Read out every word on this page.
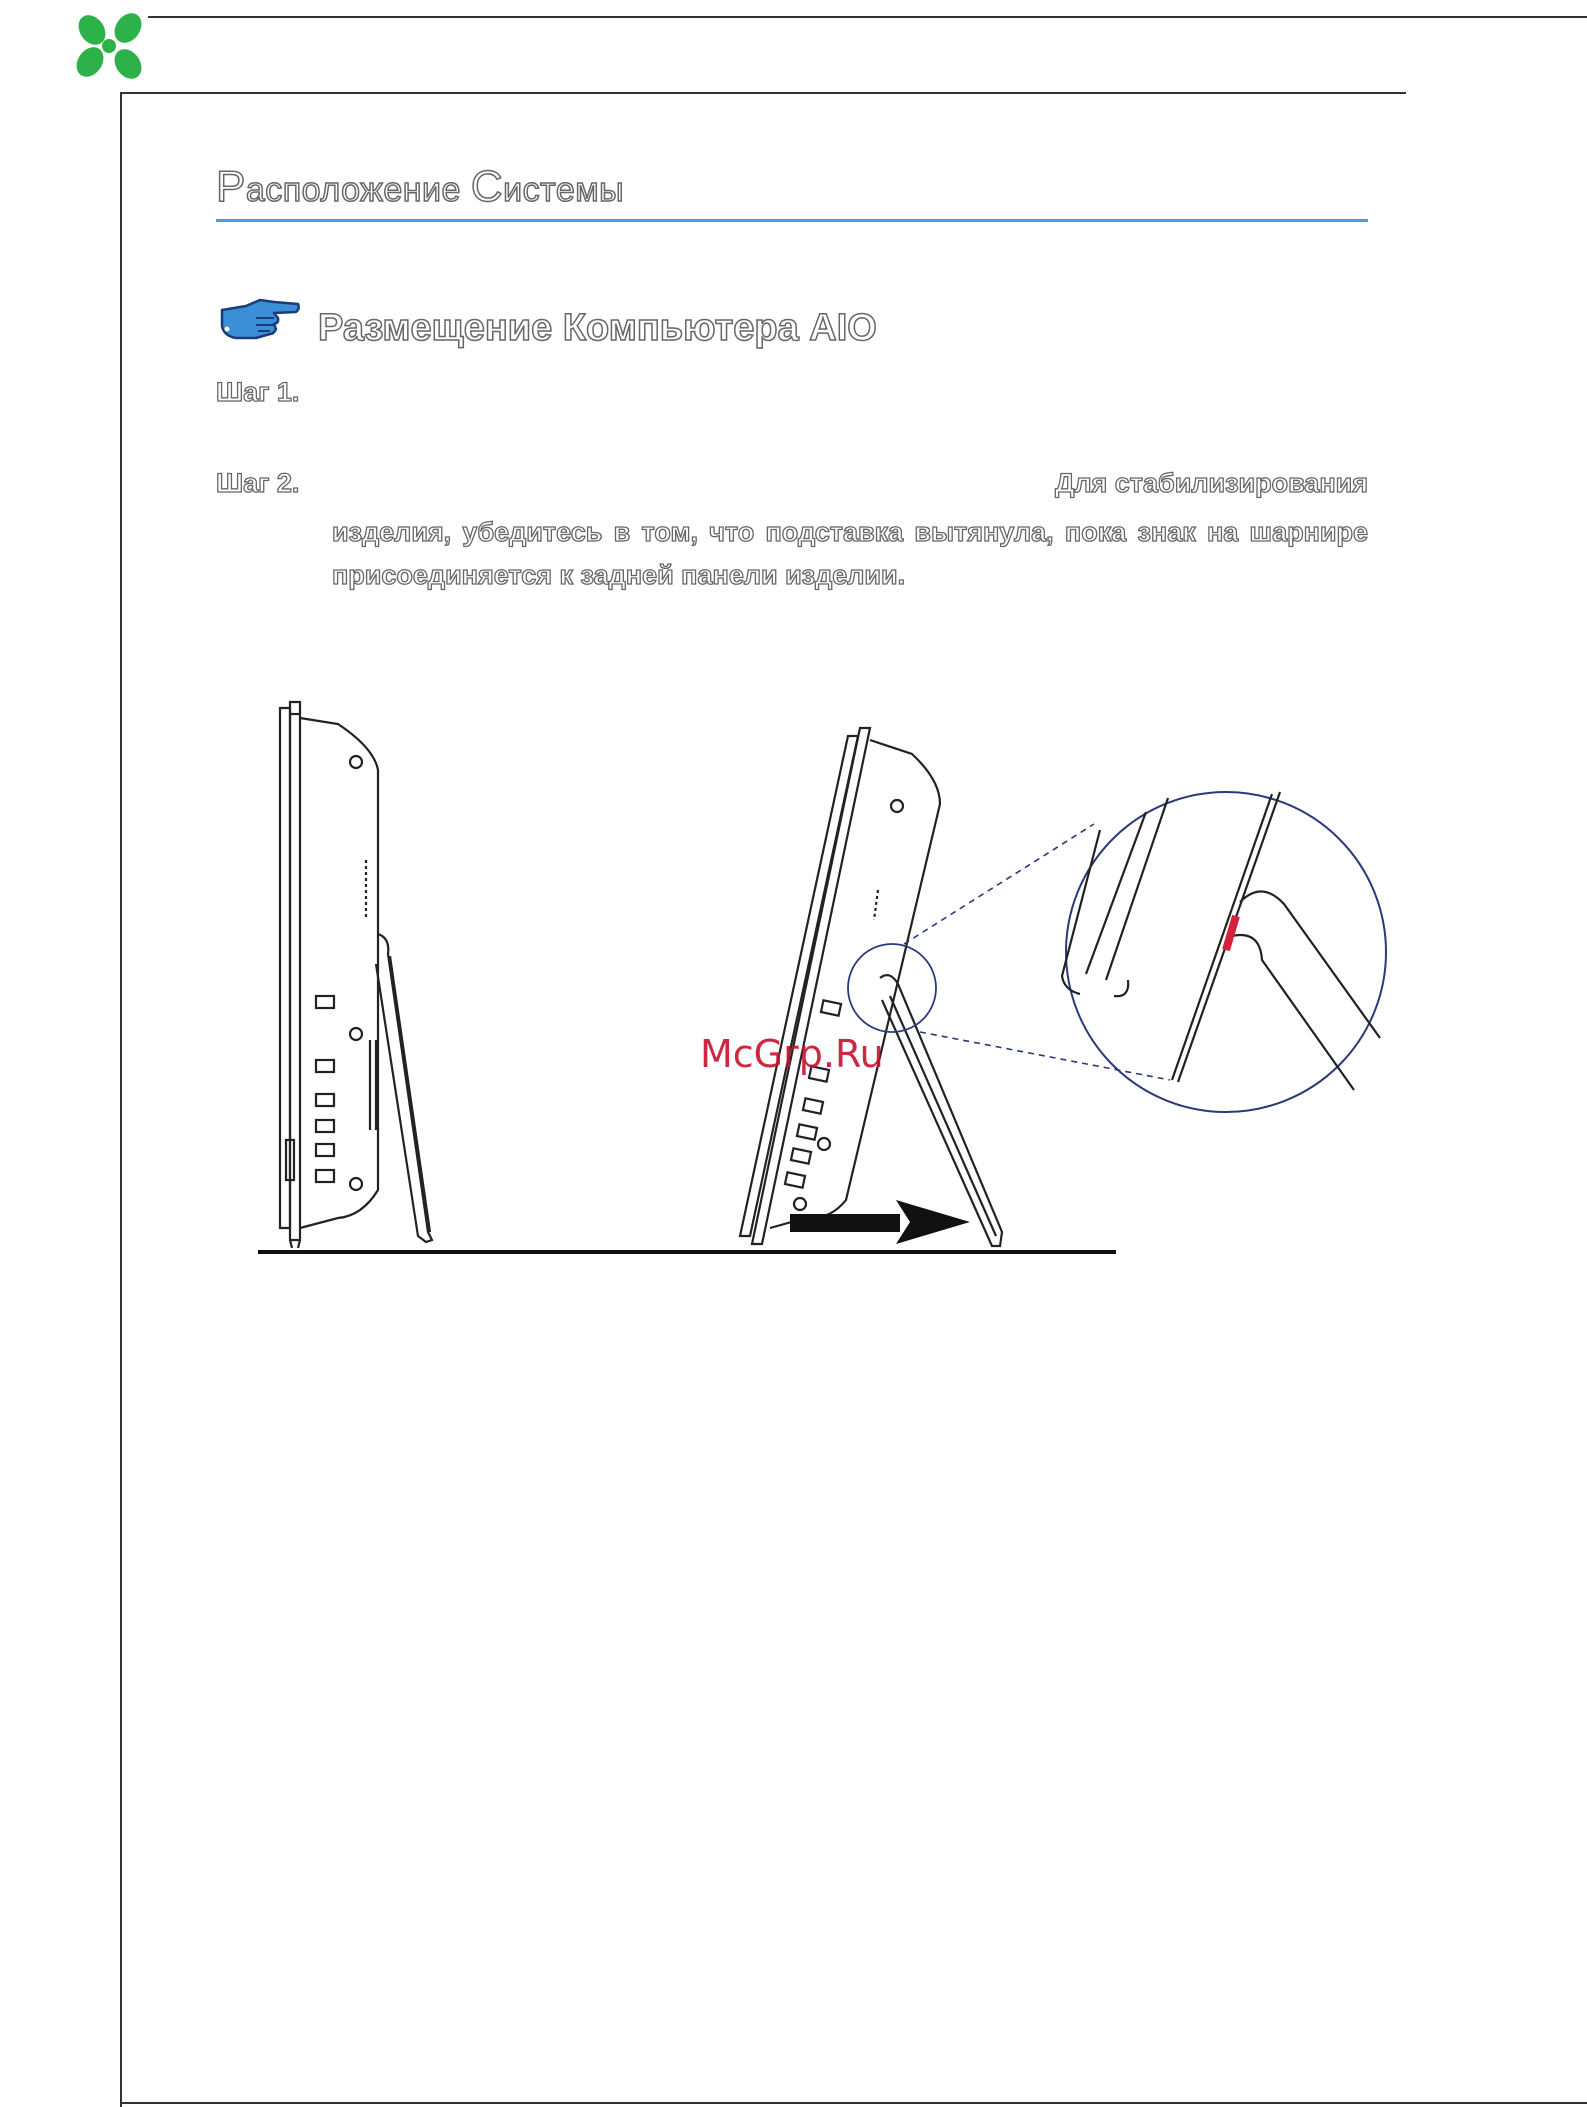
Расположение Системы
Размещение Компьютера AIO
Шаг 1.
Шаг 2.	Для стабилизирования
изделия, убедитесь в том, что подставка вытянула, пока знак на шарнире присоединяется к задней панели изделии.
McGrp.Ru
